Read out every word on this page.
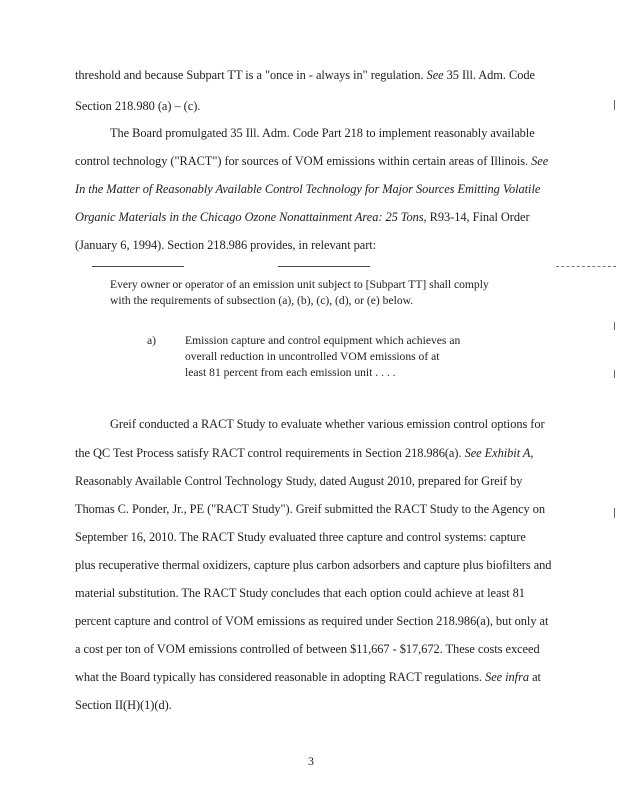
threshold and because Subpart TT is a "once in - always in" regulation. See 35 Ill. Adm. Code
Section 218.980 (a) – (c).
The Board promulgated 35 Ill. Adm. Code Part 218 to implement reasonably available
control technology ("RACT") for sources of VOM emissions within certain areas of Illinois. See
In the Matter of Reasonably Available Control Technology for Major Sources Emitting Volatile
Organic Materials in the Chicago Ozone Nonattainment Area: 25 Tons, R93-14, Final Order
(January 6, 1994). Section 218.986 provides, in relevant part:
Every owner or operator of an emission unit subject to [Subpart TT] shall comply
with the requirements of subsection (a), (b), (c), (d), or (e) below.
a) Emission capture and control equipment which achieves an
overall reduction in uncontrolled VOM emissions of at
least 81 percent from each emission unit . . . .
Greif conducted a RACT Study to evaluate whether various emission control options for
the QC Test Process satisfy RACT control requirements in Section 218.986(a). See Exhibit A,
Reasonably Available Control Technology Study, dated August 2010, prepared for Greif by
Thomas C. Ponder, Jr., PE ("RACT Study"). Greif submitted the RACT Study to the Agency on
September 16, 2010. The RACT Study evaluated three capture and control systems: capture
plus recuperative thermal oxidizers, capture plus carbon adsorbers and capture plus biofilters and
material substitution. The RACT Study concludes that each option could achieve at least 81
percent capture and control of VOM emissions as required under Section 218.986(a), but only at
a cost per ton of VOM emissions controlled of between $11,667 - $17,672. These costs exceed
what the Board typically has considered reasonable in adopting RACT regulations. See infra at
Section II(H)(1)(d).
3
